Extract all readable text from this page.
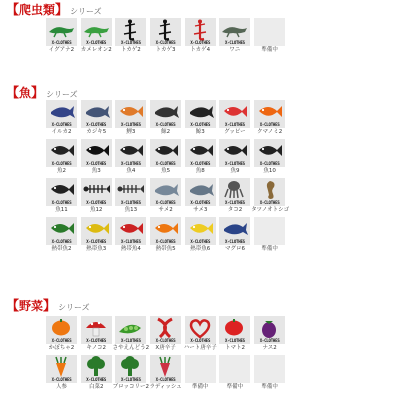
【爬虫類】 シリーズ
X-CLOTHES
イグアナ2
X-CLOTHES
カメレオン2
X-CLOTHES
トカゲ2
X-CLOTHES
トカゲ3
X-CLOTHES
トカゲ4
X-CLOTHES
ワニ	準備中
【魚】 シリーズ
X-CLOTHES
イルカ2
X-CLOTHES
カジキ5
X-CLOTHES
鯉3
X-CLOTHES
鯨2
X-CLOTHES
鯨3
X-CLOTHES
グッピー
X-CLOTHES
クマノミ2
X-CLOTHES
魚2
X-CLOTHES
魚3
X-CLOTHES
魚4
X-CLOTHES
魚5
X-CLOTHES
魚8
X-CLOTHES
魚9
X-CLOTHES
魚10
X-CLOTHES
魚11
X-CLOTHES
魚12
X-CLOTHES
魚13
X-CLOTHES
サメ2
X-CLOTHES
サメ3
X-CLOTHES
タコ2
X-CLOTHES
タツノオトシゴ
X-CLOTHES
熱帯魚2
X-CLOTHES
熱帯魚3
X-CLOTHES
熱帯魚4
X-CLOTHES
熱帯魚5
X-CLOTHES
熱帯魚6
X-CLOTHES
マグロ6	準備中
【野菜】 シリーズ
X-CLOTHES
かぼちゃ2
X-CLOTHES
キノコ2
X-CLOTHES
さやえんどう2
X-CLOTHES
X唐辛子
X-CLOTHES
ハート唐辛子
X-CLOTHES
トマト2
X-CLOTHES
ナス2
X-CLOTHES
人参
X-CLOTHES
白菜2
X-CLOTHES
ブロッコリー2
X-CLOTHES
ラディッシュ	準備中	準備中	準備中
